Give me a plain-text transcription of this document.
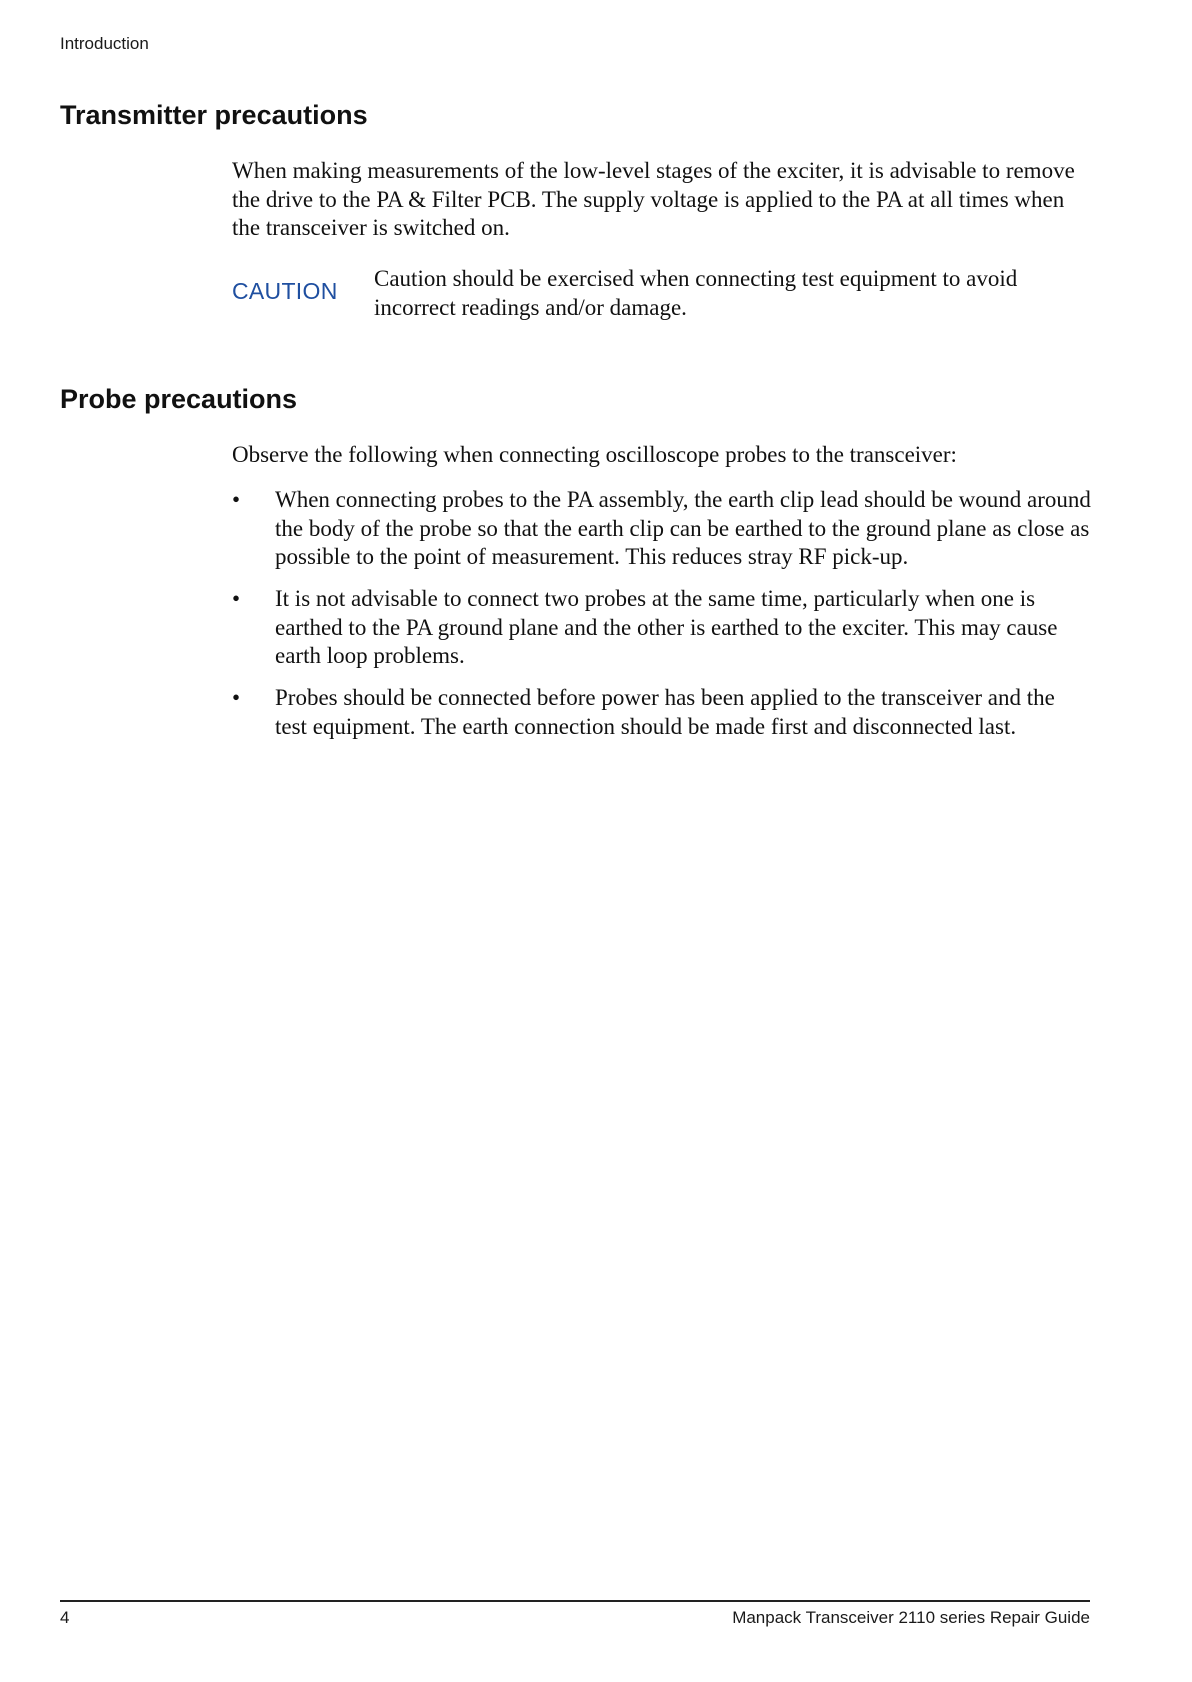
Introduction
Transmitter precautions

When making measurements of the low-level stages of the exciter, it is advisable to remove the drive to the PA & Filter PCB. The supply voltage is applied to the PA at all times when the transceiver is switched on.

CAUTION Caution should be exercised when connecting test equipment to avoid incorrect readings and/or damage.

Probe precautions

Observe the following when connecting oscilloscope probes to the transceiver:

• When connecting probes to the PA assembly, the earth clip lead should be wound around the body of the probe so that the earth clip can be earthed to the ground plane as close as possible to the point of measurement. This reduces stray RF pick-up.
• It is not advisable to connect two probes at the same time, particularly when one is earthed to the PA ground plane and the other is earthed to the exciter. This may cause earth loop problems.
• Probes should be connected before power has been applied to the transceiver and the test equipment. The earth connection should be made first and disconnected last.
4	Manpack Transceiver 2110 series Repair Guide
